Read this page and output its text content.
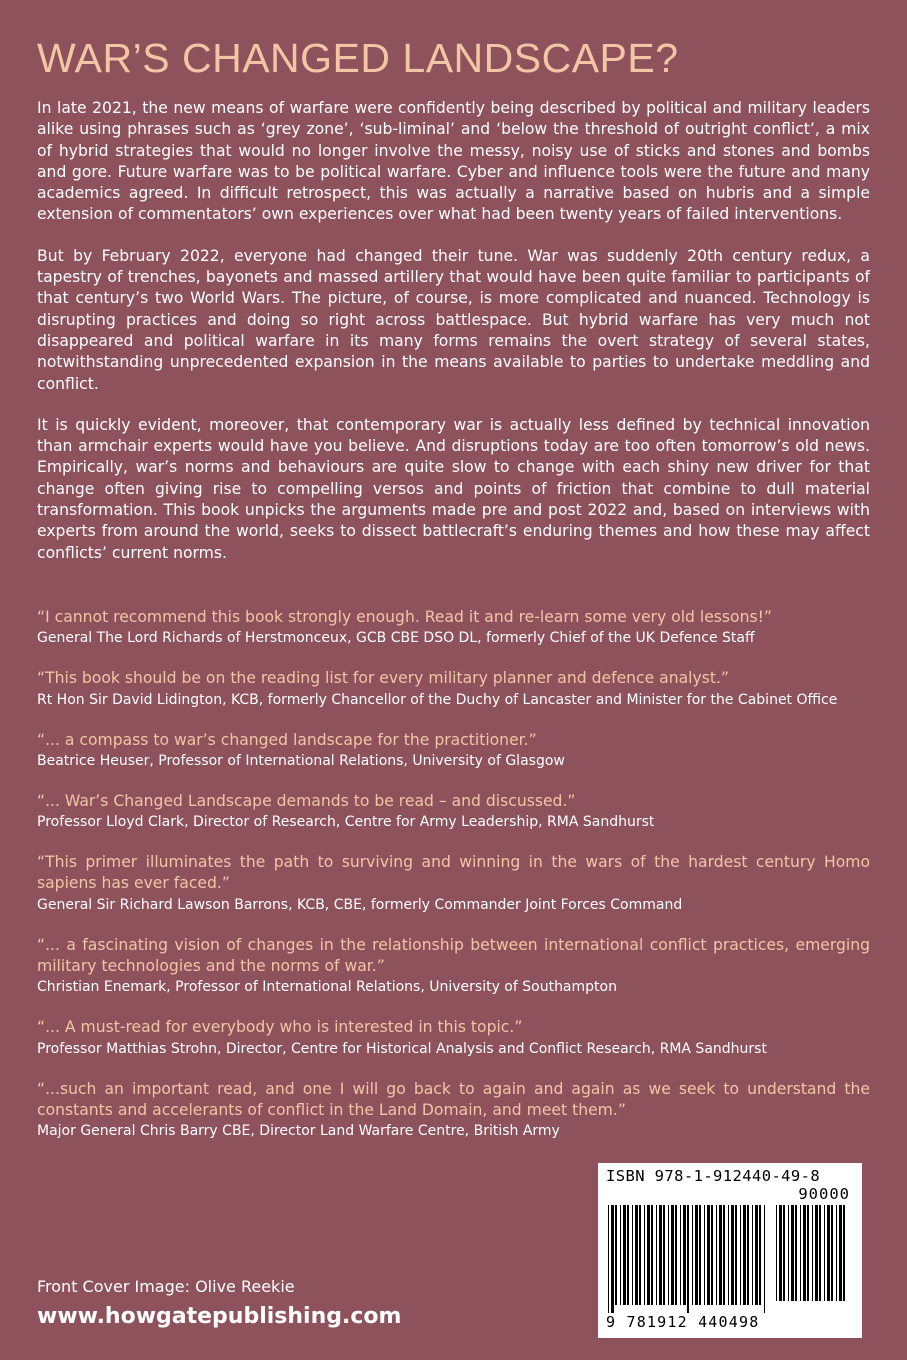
WAR’S CHANGED LANDSCAPE?

In late 2021, the new means of warfare were confidently being described by political and military leaders alike using phrases such as ‘grey zone’, ‘sub-liminal’ and ‘below the threshold of outright conflict’, a mix of hybrid strategies that would no longer involve the messy, noisy use of sticks and stones and bombs and gore. Future warfare was to be political warfare. Cyber and influence tools were the future and many academics agreed. In difficult retrospect, this was actually a narrative based on hubris and a simple extension of commentators’ own experiences over what had been twenty years of failed interventions.

But by February 2022, everyone had changed their tune. War was suddenly 20th century redux, a tapestry of trenches, bayonets and massed artillery that would have been quite familiar to participants of that century’s two World Wars. The picture, of course, is more complicated and nuanced. Technology is disrupting practices and doing so right across battlespace. But hybrid warfare has very much not disappeared and political warfare in its many forms remains the overt strategy of several states, notwithstanding unprecedented expansion in the means available to parties to undertake meddling and conflict.

It is quickly evident, moreover, that contemporary war is actually less defined by technical innovation than armchair experts would have you believe. And disruptions today are too often tomorrow’s old news. Empirically, war’s norms and behaviours are quite slow to change with each shiny new driver for that change often giving rise to compelling versos and points of friction that combine to dull material transformation. This book unpicks the arguments made pre and post 2022 and, based on interviews with experts from around the world, seeks to dissect battlecraft’s enduring themes and how these may affect conflicts’ current norms.

“I cannot recommend this book strongly enough. Read it and re-learn some very old lessons!”
General The Lord Richards of Herstmonceux, GCB CBE DSO DL, formerly Chief of the UK Defence Staff
“This book should be on the reading list for every military planner and defence analyst.”
Rt Hon Sir David Lidington, KCB, formerly Chancellor of the Duchy of Lancaster and Minister for the Cabinet Office
“... a compass to war’s changed landscape for the practitioner.”
Beatrice Heuser, Professor of International Relations, University of Glasgow
“... War’s Changed Landscape demands to be read – and discussed.”
Professor Lloyd Clark, Director of Research, Centre for Army Leadership, RMA Sandhurst
“This primer illuminates the path to surviving and winning in the wars of the hardest century Homo sapiens has ever faced.”
General Sir Richard Lawson Barrons, KCB, CBE, formerly Commander Joint Forces Command
“... a fascinating vision of changes in the relationship between international conflict practices, emerging military technologies and the norms of war.”
Christian Enemark, Professor of International Relations, University of Southampton
“... A must-read for everybody who is interested in this topic.”
Professor Matthias Strohn, Director, Centre for Historical Analysis and Conflict Research, RMA Sandhurst
“...such an important read, and one I will go back to again and again as we seek to understand the constants and accelerants of conflict in the Land Domain, and meet them.”
Major General Chris Barry CBE, Director Land Warfare Centre, British Army
ISBN 978-1-912440-49-8
90000
9 781912 440498
Front Cover Image: Olive Reekie
www.howgatepublishing.com
